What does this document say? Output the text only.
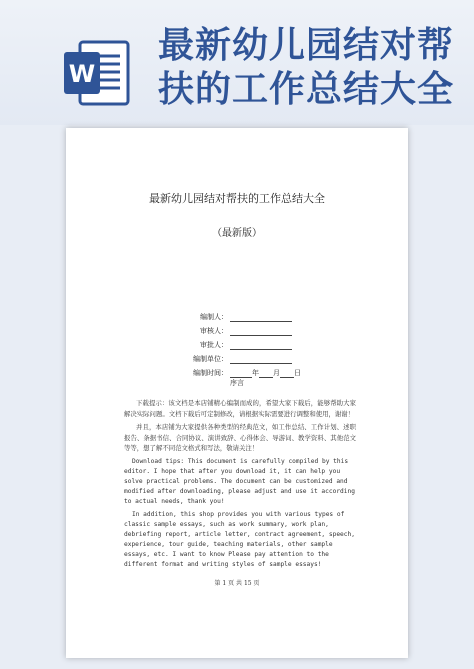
W
最新幼儿园结对帮
扶的工作总结大全
最新幼儿园结对帮扶的工作总结大全
（最新版）
编制人：
审核人：
审批人：
编制单位：
编制时间：	年 月 日
序言

下载提示：该文档是本店铺精心编制而成的，希望大家下载后，能够帮助大家解决实际问题。文档下载后可定制修改，请根据实际需要进行调整和使用，谢谢！

并且，本店铺为大家提供各种类型的经典范文，如工作总结、工作计划、述职报告、条据书信、合同协议、演讲致辞、心得体会、导游词、教学资料、其他范文等等，想了解不同范文格式和写法，敬请关注！

Download tips: This document is carefully compiled by this editor. I hope that after you download it, it can help you solve practical problems. The document can be customized and modified after downloading, please adjust and use it according to actual needs, thank you!

In addition, this shop provides you with various types of classic sample essays, such as work summary, work plan, debriefing report, article letter, contract agreement, speech, experience, tour guide, teaching materials, other sample essays, etc. I want to know Please pay attention to the different format and writing styles of sample essays!

第 1 页 共 15 页
